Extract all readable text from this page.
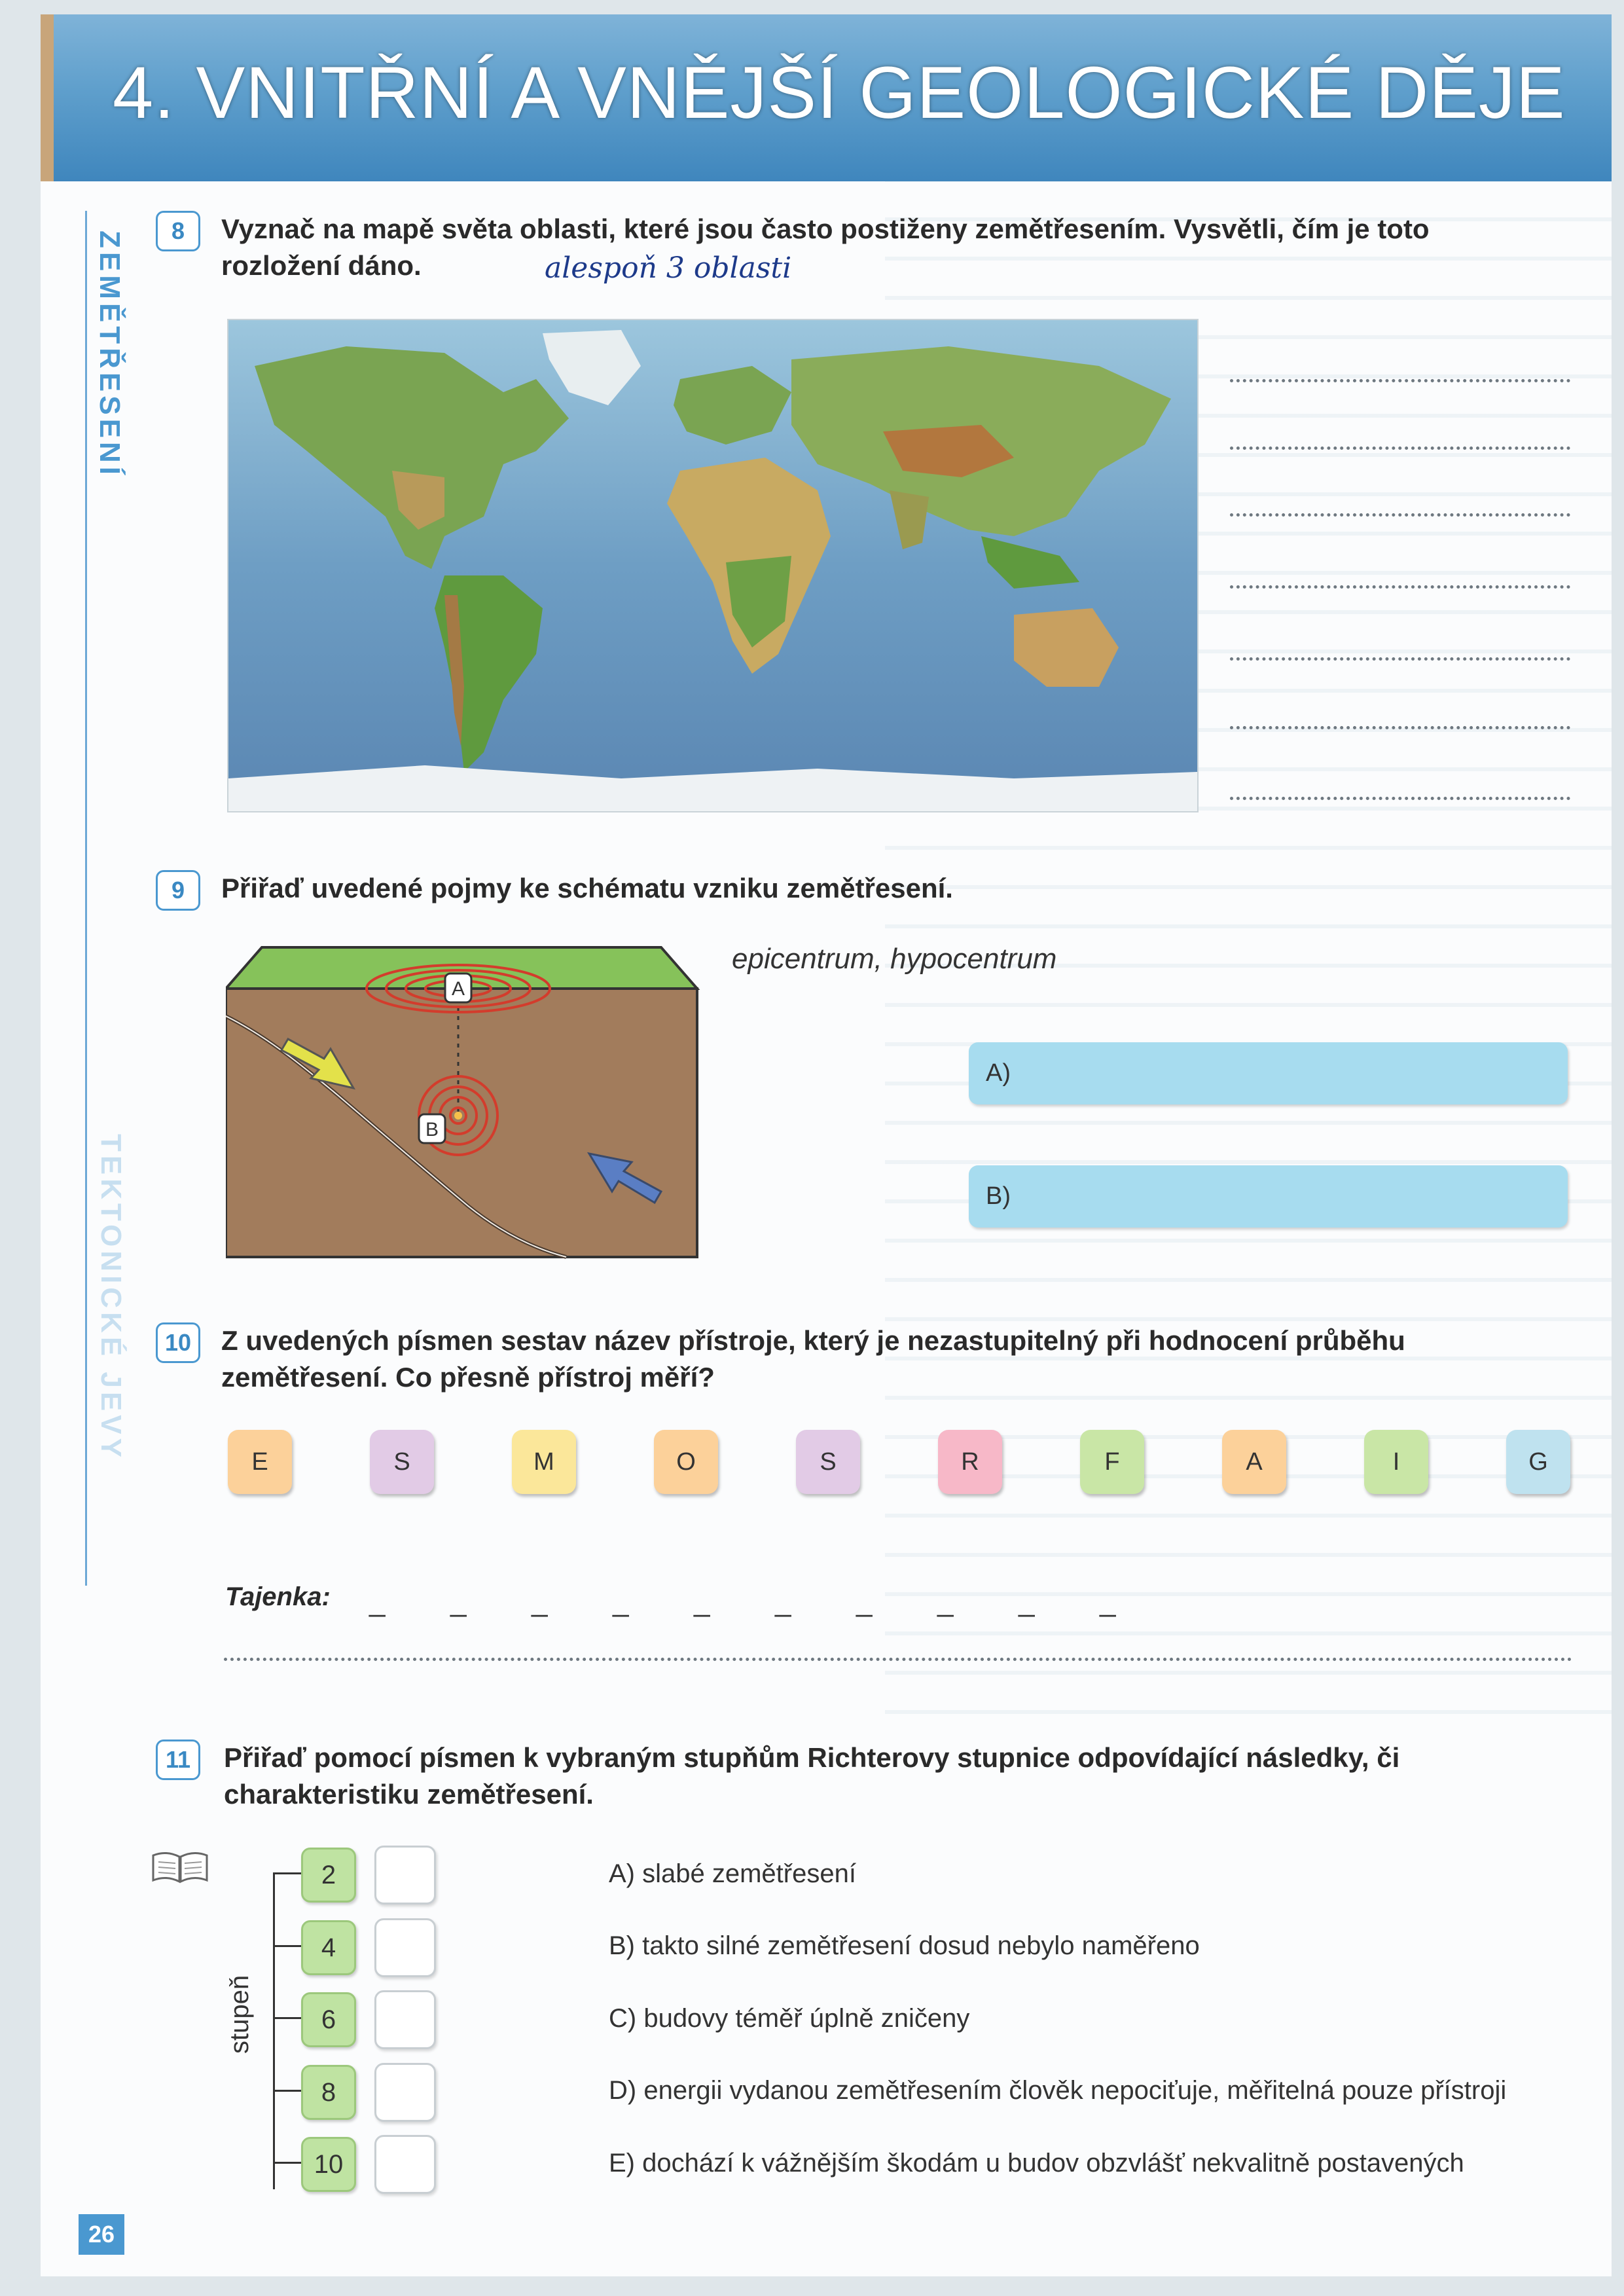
4. VNITŘNÍ A VNĚJŠÍ GEOLOGICKÉ DĚJE
ZEMĚTŘESENÍ
TEKTONICKÉ JEVY
8	Vyznač na mapě světa oblasti, které jsou často postiženy zemětřesením. Vysvětli, čím je toto
rozložení dáno.	alespoň 3 oblasti
9	Přiřaď uvedené pojmy ke schématu vzniku zemětřesení.
epicentrum, hypocentrum
A
B
A)
B)
10	Z uvedených písmen sestav název přístroje, který je nezastupitelný při hodnocení průběhu
zemětřesení. Co přesně přístroj měří?
E	S	M	O	S	R	F	A	I	G
Tajenka: _ _ _ _ _ _ _ _ _ _
11	Přiřaď pomocí písmen k vybraným stupňům Richterovy stupnice odpovídající následky, či
charakteristiku zemětřesení.
stupeň
2
4
6
8
10
A) slabé zemětřesení
B) takto silné zemětřesení dosud nebylo naměřeno
C) budovy téměř úplně zničeny
D) energii vydanou zemětřesením člověk nepociťuje, měřitelná pouze přístroji
E) dochází k vážnějším škodám u budov obzvlášť nekvalitně postavených
26
